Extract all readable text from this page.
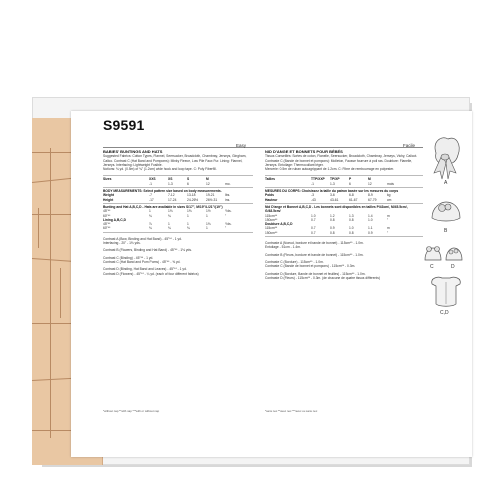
S9591
Easy	Facile
BABIES' BUNTINGS AND HATS
Suggested Fabrics: Cotton Types, Flannel, Seersucker, Broadcloth, Chambray, Jerseys, Gingham, Calico. Contrast C (Hat Band and Pompoms): Minky Fleece, Low Pile Faux Fur. Lining: Flannel, Jerseys. Interfacing: Lightweight Fusible.
Notions: ¾ yd. (0.5m) of ¾" (1.2cm) wide hook and loop tape. C: Poly Fiberfill.
Sizes	XXS	XS	S	M
-1	1-3	6	12	mo.
BODY MEASUREMENTS: Select pattern size based on body measurements.
Weight	-7	7-12	13-18	19-21	lbs.
Height	-17	17-24	24-26½	26½-31	ins.
Bunting and Hat A,B,C,D - Hats are available in sizes S/17", M/19"/L/21"/(19")
45"**	1	1⅛	1⅜	1½	Yds.
60"**	¾	¾	1	1	"
Lining A,B,C,D
45"**	⅞	1	1	1⅛	Yds.
60"**	¾	¾	¾	1	"
Contrast A (Bow, Binding and Hat Band) - 45"** - 1 yd.
Interfacing - 20" - 1⅛ yds.
Contrast B (Flowers, Binding and Hat Band) - 45"** - 1⅛ yds.
Contrast C (Binding) - 45"** - 1 yd.
Contrast C (Hat Band and Pom Poms) - 45"** - ⅜ yd.
Contrast D (Binding, Hat Band and Leaves) - 45"** - 1 yd.
Contrast D (Flowers) - 45"** - ¼ yd. (each of four different fabrics)
*without nap **with nap ***with or without nap
NID D'ANGE ET BONNETS POUR BÉBÉS
Tissus Conseillés: Sortes de coton, Flanelle, Seersucker, Broadcloth, Chambray, Jerseys, Vichy, Calicot. Contraste C (Bande de bonnet et pompons): Molleton, Fausse fourrure à poil ras. Doublure: Flanelle, Jerseys. Entoilage: Thermocollant léger.
Mercerie: 0.5m de ruban autoagrippant de 1.2cm. C: Fibre de rembourrage en polyester.
Tailles	TTP/XXP	TP/XP	P	M
-1	1-3	6	12	mois
MESURES DU CORPS: Choisissez la taille du patron basée sur les mesures du corps
Poids	-3	3-6	6-8	8-9	kg
Hauteur	-43	43-61	61-67	67-79	cm
Nid D'ange et Bonnet A,B,C,D - Les bonnets sont disponibles en tailles P/43cm/, M/45.5cm/, G/48.5cm/
115cm**	1.0	1.2	1.3	1.4	m
150cm**	0.7	0.8	0.8	1.0	"
Doublure A,B,C,D
115cm**	0.7	0.9	1.0	1.1	m
150cm**	0.7	0.8	0.8	0.9	"
Contraste A (Noeud, bordure et bande de bonnet) - 115cm** - 1.0m.
Entoilage - 51cm - 1.4m.
Contraste B (Fleurs, bordure et bande de bonnet) - 115cm** - 1.0m.
Contraste C (Bordure) - 115cm** - 1.0m.
Contraste C (Bande de bonnet et pompons) - 115cm** - 0.3m.
Contraste D (Bordure, Bande de bonnet et feuilles) - 115cm** - 1.0m.
Contraste D (Fleurs) - 115cm** - 0.3m. (de chacune de quatre tissus différents)
*sans nec **avec nec ***avec ou sans nec
A
B
C	D
C,D
